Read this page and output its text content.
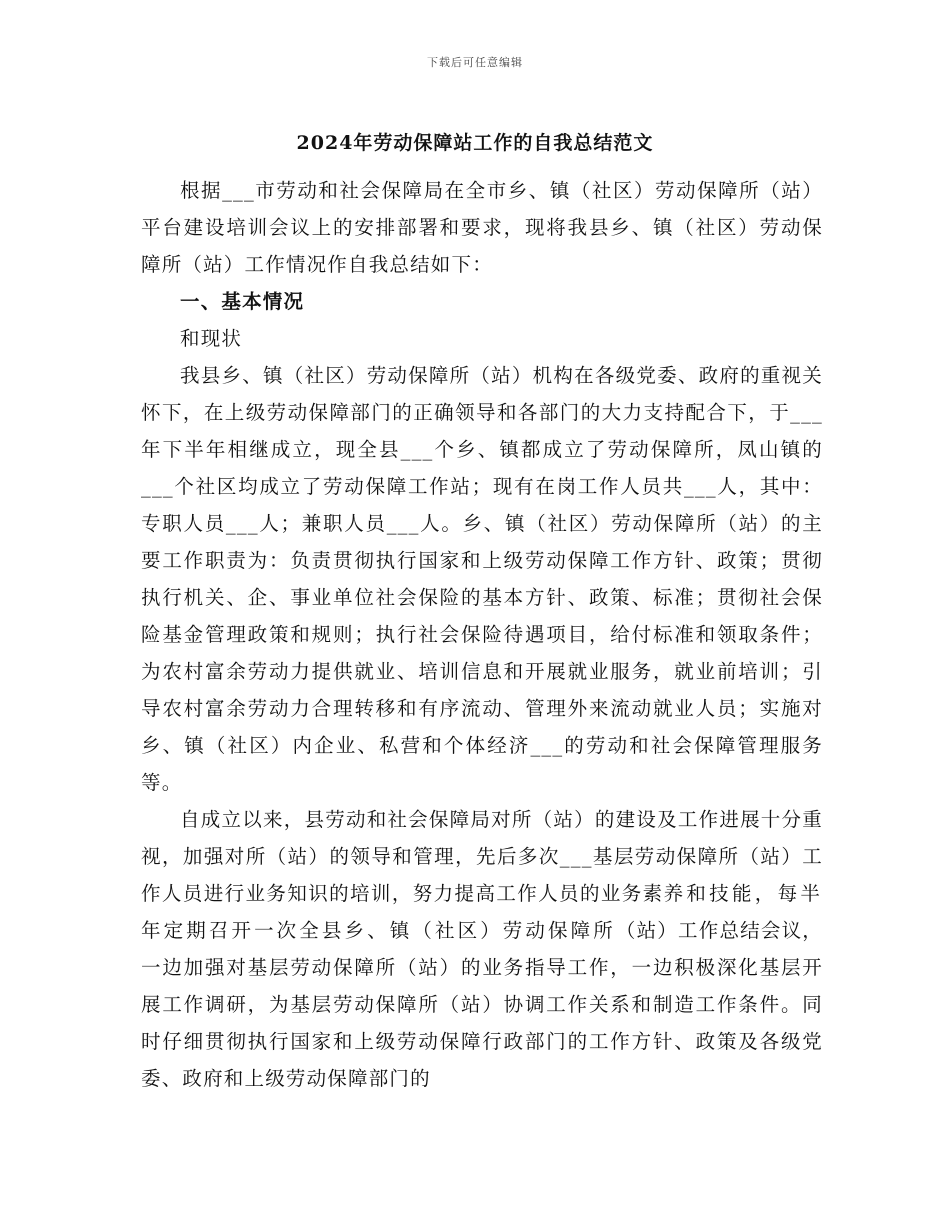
下载后可任意编辑
2024年劳动保障站工作的自我总结范文

根据___市劳动和社会保障局在全市乡、镇（社区）劳动保障所（站）平台建设培训会议上的安排部署和要求，现将我县乡、镇（社区）劳动保障所（站）工作情况作自我总结如下：

一、基本情况

和现状

我县乡、镇（社区）劳动保障所（站）机构在各级党委、政府的重视关怀下，在上级劳动保障部门的正确领导和各部门的大力支持配合下，于___年下半年相继成立，现全县___个乡、镇都成立了劳动保障所，凤山镇的___个社区均成立了劳动保障工作站；现有在岗工作人员共___人，其中：专职人员___人；兼职人员___人。乡、镇（社区）劳动保障所（站）的主要工作职责为：负责贯彻执行国家和上级劳动保障工作方针、政策；贯彻执行机关、企、事业单位社会保险的基本方针、政策、标准；贯彻社会保险基金管理政策和规则；执行社会保险待遇项目，给付标准和领取条件；为农村富余劳动力提供就业、培训信息和开展就业服务，就业前培训；引导农村富余劳动力合理转移和有序流动、管理外来流动就业人员；实施对乡、镇（社区）内企业、私营和个体经济___的劳动和社会保障管理服务等。

自成立以来，县劳动和社会保障局对所（站）的建设及工作进展十分重视，加强对所（站）的领导和管理，先后多次___基层劳动保障所（站）工作人员进行业务知识的培训，努力提高工作人员的业务素养和技能，每半年定期召开一次全县乡、镇（社区）劳动保障所（站）工作总结会议，一边加强对基层劳动保障所（站）的业务指导工作，一边积极深化基层开展工作调研，为基层劳动保障所（站）协调工作关系和制造工作条件。同时仔细贯彻执行国家和上级劳动保障行政部门的工作方针、政策及各级党委、政府和上级劳动保障部门的
